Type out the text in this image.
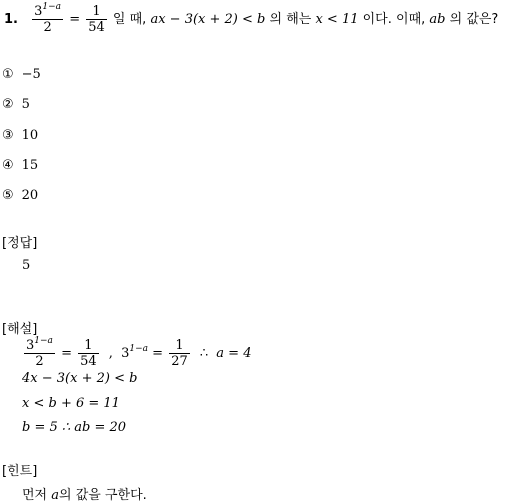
1. $\frac{3^{1-a}}{2} = \frac{1}{54}$ 일 때, ax − 3(x + 2) < b 의 해는 x < 11 이다. 이때, ab 의 값은?
① −5
② 5
③ 10
④ 15
⑤ 20
[정답]
5
[해설]
$\frac{3^{1-a}}{2} = \frac{1}{54}$ , $3^{1-a} = \frac{1}{27}$ ∴ a = 4
4x − 3(x + 2) < b
x < b + 6 = 11
b = 5 ∴ ab = 20
[힌트]
먼저 a의 값을 구한다.
